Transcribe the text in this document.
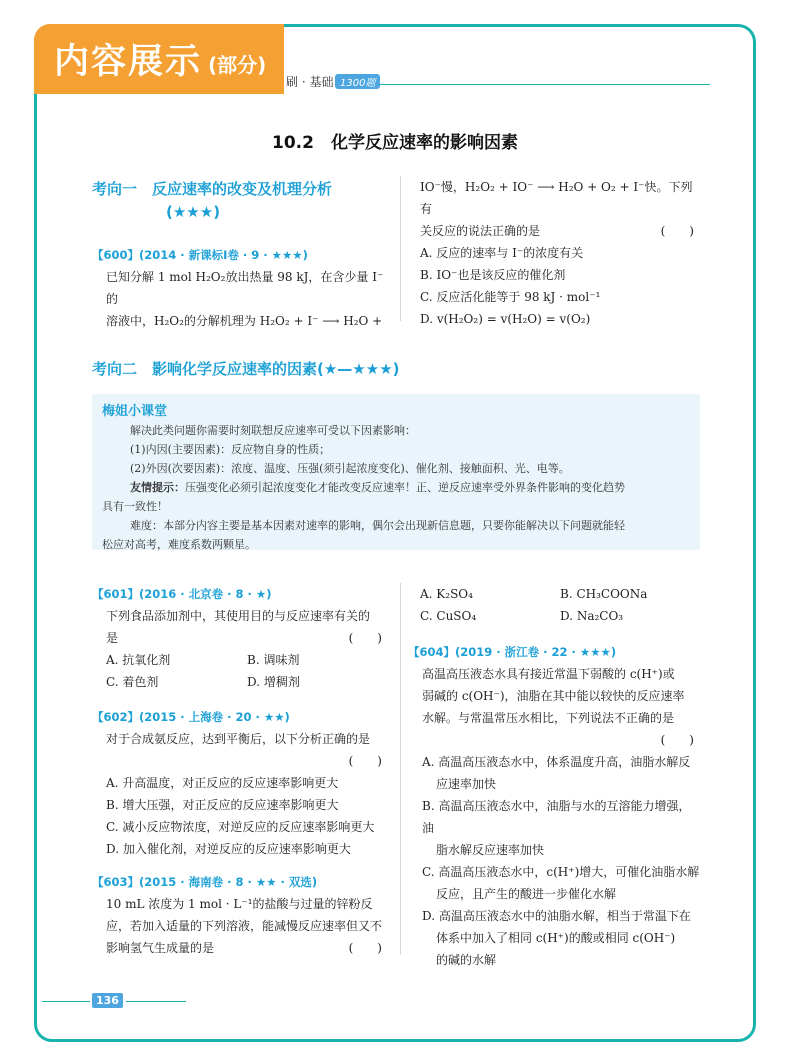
内容展示 (部分)
刷 · 基础 1300题
10.2　化学反应速率的影响因素
考向一　反应速率的改变及机理分析
(★★★)

【600】(2014 · 新课标Ⅰ卷 · 9 · ★★★)

已知分解 1 mol H₂O₂放出热量 98 kJ，在含少量 I⁻的

溶液中，H₂O₂的分解机理为 H₂O₂ + I⁻ ⟶ H₂O +

IO⁻慢，H₂O₂ + IO⁻ ⟶ H₂O + O₂ + I⁻快。下列有

关反应的说法正确的是	(　　)

A. 反应的速率与 I⁻的浓度有关

B. IO⁻也是该反应的催化剂

C. 反应活化能等于 98 kJ · mol⁻¹

D. v(H₂O₂) = v(H₂O) = v(O₂)

考向二　影响化学反应速率的因素(★—★★★)
梅姐小课堂

解决此类问题你需要时刻联想反应速率可受以下因素影响：

(1)内因(主要因素)：反应物自身的性质；

(2)外因(次要因素)：浓度、温度、压强(须引起浓度变化)、催化剂、接触面积、光、电等。

友情提示：压强变化必须引起浓度变化才能改变反应速率！正、逆反应速率受外界条件影响的变化趋势

具有一致性！

难度：本部分内容主要是基本因素对速率的影响，偶尔会出现新信息题，只要你能解决以下问题就能轻

松应对高考，难度系数两颗星。

【601】(2016 · 北京卷 · 8 · ★)

下列食品添加剂中，其使用目的与反应速率有关的

是	(　　)

A. 抗氧化剂	B. 调味剂
C. 着色剂	D. 增稠剂

【602】(2015 · 上海卷 · 20 · ★★)

对于合成氨反应，达到平衡后，以下分析正确的是

(　　)

A. 升高温度，对正反应的反应速率影响更大

B. 增大压强，对正反应的反应速率影响更大

C. 减小反应物浓度，对逆反应的反应速率影响更大

D. 加入催化剂，对逆反应的反应速率影响更大

【603】(2015 · 海南卷 · 8 · ★★ · 双选)

10 mL 浓度为 1 mol · L⁻¹的盐酸与过量的锌粉反

应，若加入适量的下列溶液，能减慢反应速率但又不

影响氢气生成量的是	(　　)

A. K₂SO₄	B. CH₃COONa
C. CuSO₄	D. Na₂CO₃

【604】(2019 · 浙江卷 · 22 · ★★★)

高温高压液态水具有接近常温下弱酸的 c(H⁺)或

弱碱的 c(OH⁻)，油脂在其中能以较快的反应速率

水解。与常温常压水相比，下列说法不正确的是

(　　)

A. 高温高压液态水中，体系温度升高，油脂水解反

应速率加快

B. 高温高压液态水中，油脂与水的互溶能力增强，油

脂水解反应速率加快

C. 高温高压液态水中，c(H⁺)增大，可催化油脂水解

反应，且产生的酸进一步催化水解

D. 高温高压液态水中的油脂水解，相当于常温下在

体系中加入了相同 c(H⁺)的酸或相同 c(OH⁻)

的碱的水解

136
